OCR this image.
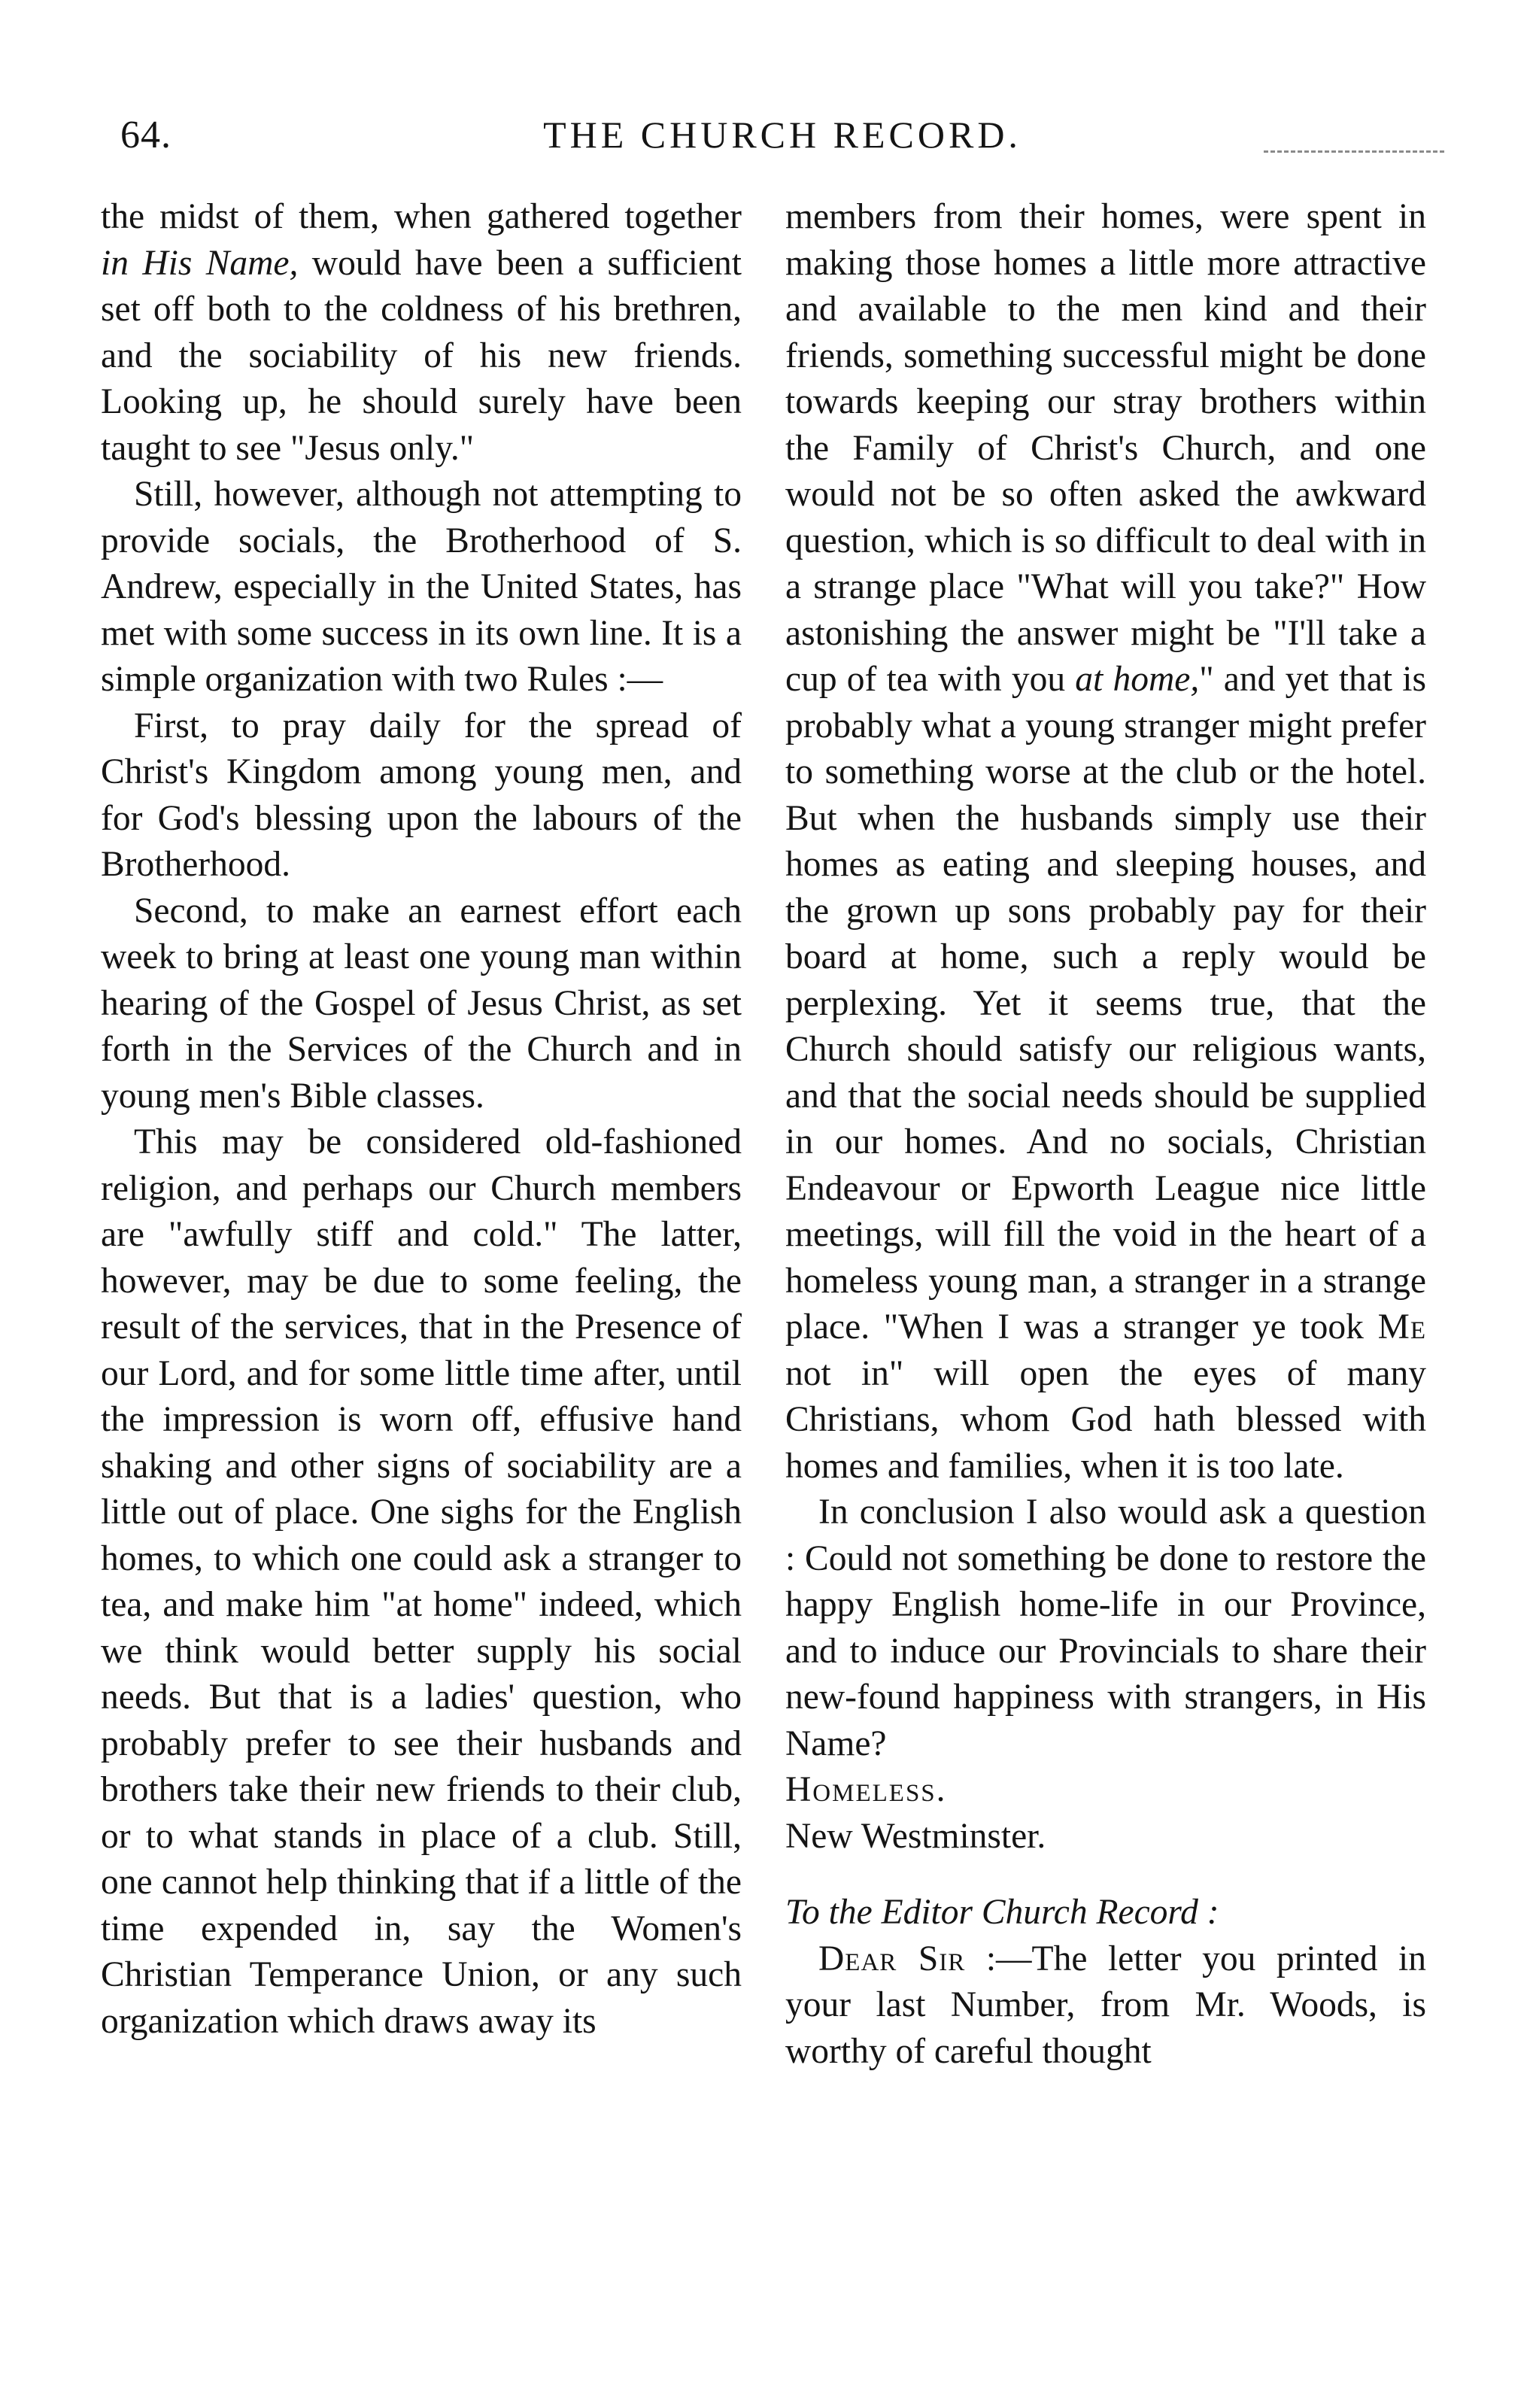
64.	THE CHURCH RECORD.

the midst of them, when gathered together in His Name, would have been a sufficient set off both to the coldness of his brethren, and the sociability of his new friends. Looking up, he should surely have been taught to see "Jesus only."

Still, however, although not attempting to provide socials, the Brotherhood of S. Andrew, especially in the United States, has met with some success in its own line. It is a simple organization with two Rules :—

First, to pray daily for the spread of Christ's Kingdom among young men, and for God's blessing upon the labours of the Brotherhood.

Second, to make an earnest effort each week to bring at least one young man within hearing of the Gospel of Jesus Christ, as set forth in the Services of the Church and in young men's Bible classes.

This may be considered old-fashioned religion, and perhaps our Church members are "awfully stiff and cold." The latter, however, may be due to some feeling, the result of the services, that in the Presence of our Lord, and for some little time after, until the impression is worn off, effusive hand shaking and other signs of sociability are a little out of place. One sighs for the English homes, to which one could ask a stranger to tea, and make him "at home" indeed, which we think would better supply his social needs. But that is a ladies' question, who probably prefer to see their husbands and brothers take their new friends to their club, or to what stands in place of a club. Still, one cannot help thinking that if a little of the time expended in, say the Women's Christian Temperance Union, or any such organization which draws away its

members from their homes, were spent in making those homes a little more attractive and available to the men kind and their friends, something successful might be done towards keeping our stray brothers within the Family of Christ's Church, and one would not be so often asked the awkward question, which is so difficult to deal with in a strange place "What will you take?" How astonishing the answer might be "I'll take a cup of tea with you at home," and yet that is probably what a young stranger might prefer to something worse at the club or the hotel. But when the husbands simply use their homes as eating and sleeping houses, and the grown up sons probably pay for their board at home, such a reply would be perplexing. Yet it seems true, that the Church should satisfy our religious wants, and that the social needs should be supplied in our homes. And no socials, Christian Endeavour or Epworth League nice little meetings, will fill the void in the heart of a homeless young man, a stranger in a strange place. "When I was a stranger ye took Me not in" will open the eyes of many Christians, whom God hath blessed with homes and families, when it is too late.

In conclusion I also would ask a question : Could not something be done to restore the happy English home-life in our Province, and to induce our Provincials to share their new-found happiness with strangers, in His Name?

Homeless.

New Westminster.

To the Editor Church Record :

Dear Sir :—The letter you printed in your last Number, from Mr. Woods, is worthy of careful thought
